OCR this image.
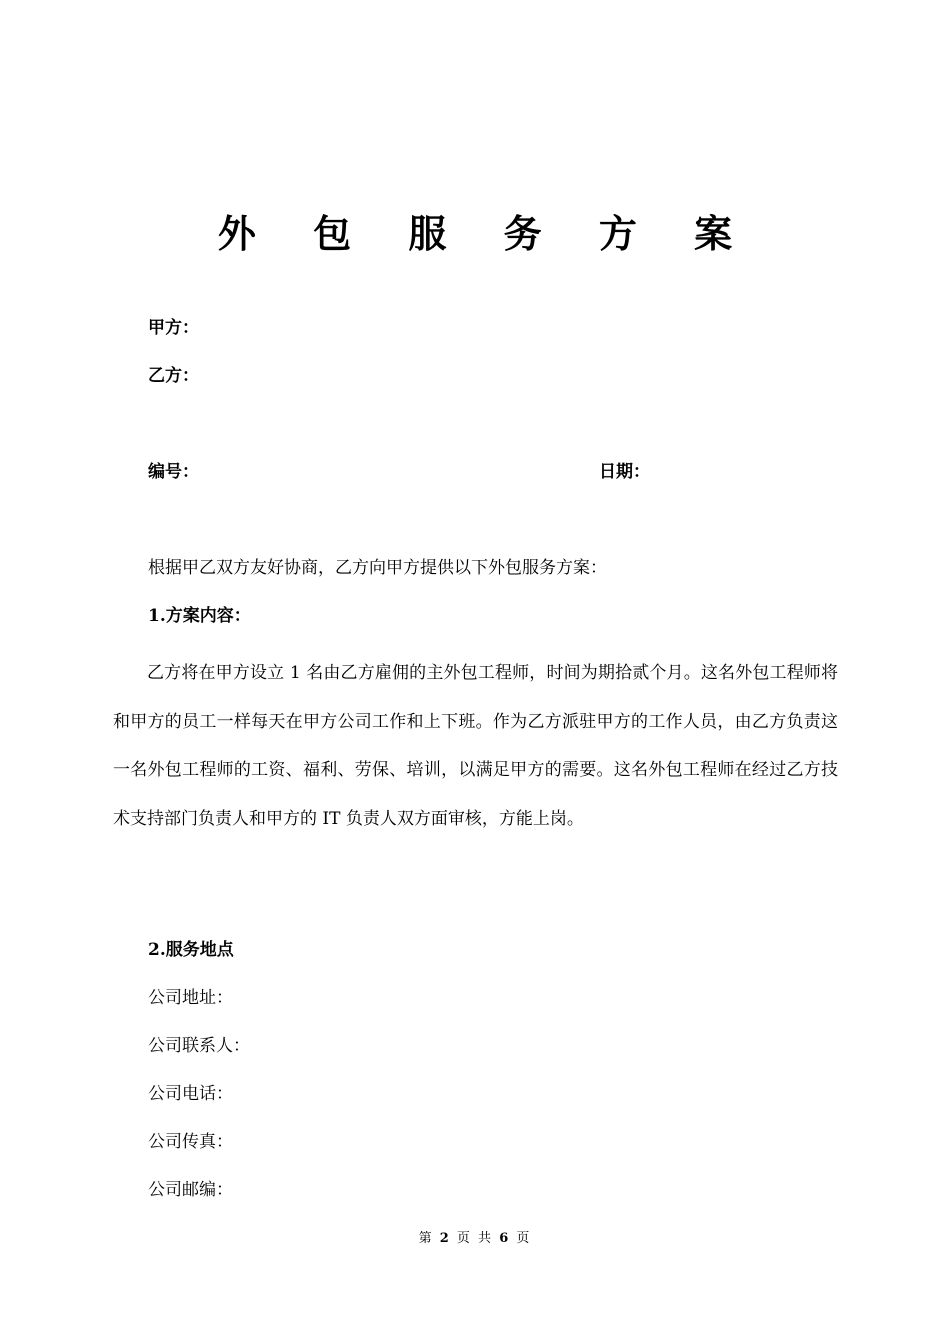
外 包 服 务 方 案
甲方：
乙方：
编号：	日期：
根据甲乙双方友好协商，乙方向甲方提供以下外包服务方案：
1.方案内容：
乙方将在甲方设立 1 名由乙方雇佣的主外包工程师，时间为期拾贰个月。这名外包工程师将和甲方的员工一样每天在甲方公司工作和上下班。作为乙方派驻甲方的工作人员，由乙方负责这一名外包工程师的工资、福利、劳保、培训，以满足甲方的需要。这名外包工程师在经过乙方技术支持部门负责人和甲方的 IT 负责人双方面审核，方能上岗。
2.服务地点
公司地址：
公司联系人：
公司电话：
公司传真：
公司邮编：
第 2 页 共 6 页
